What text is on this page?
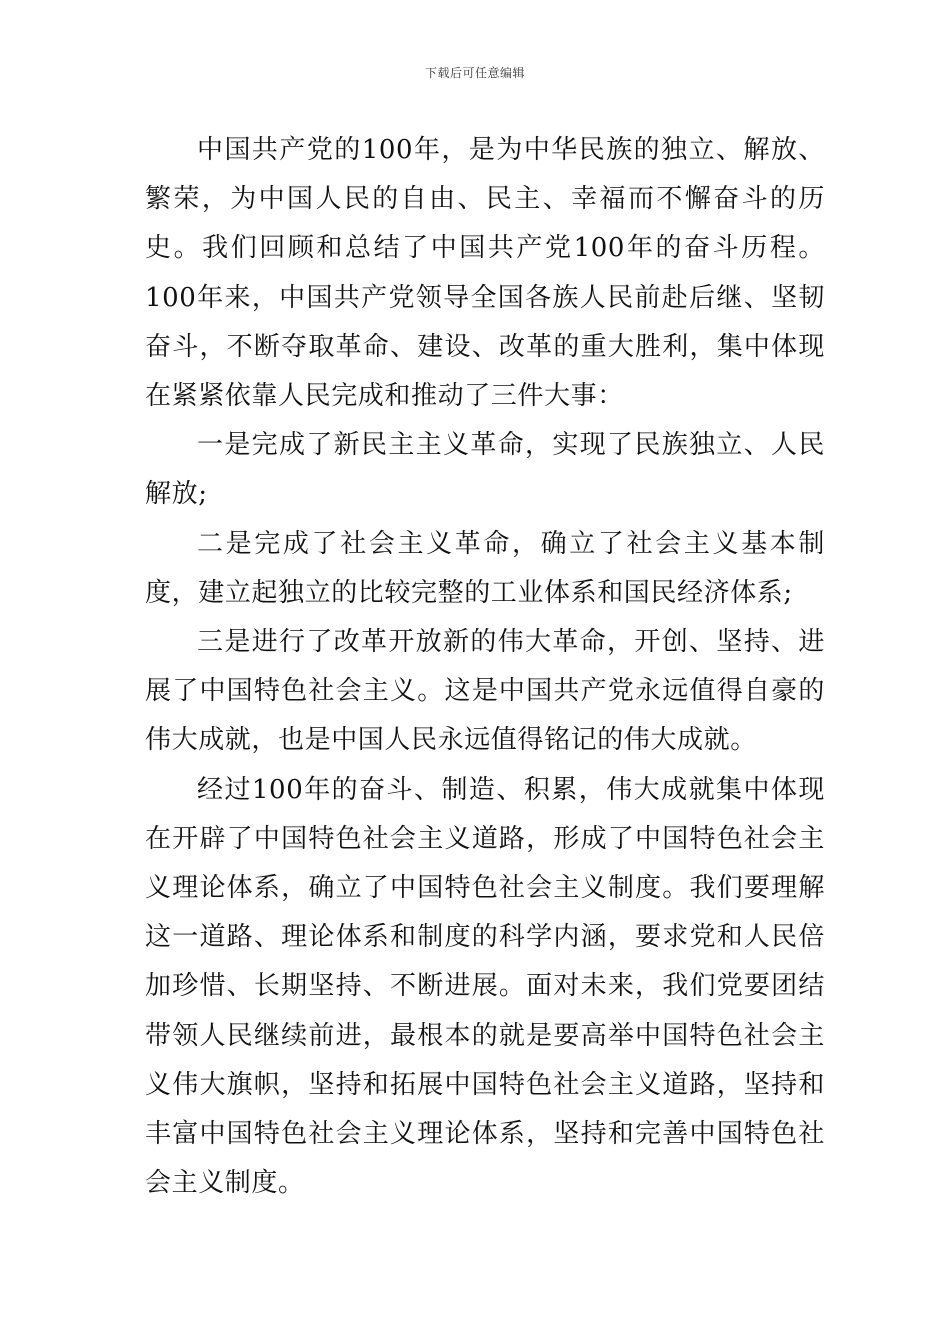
下载后可任意编辑

中国共产党的100年，是为中华民族的独立、解放、繁荣，为中国人民的自由、民主、幸福而不懈奋斗的历史。我们回顾和总结了中国共产党100年的奋斗历程。100年来，中国共产党领导全国各族人民前赴后继、坚韧奋斗，不断夺取革命、建设、改革的重大胜利，集中体现在紧紧依靠人民完成和推动了三件大事：

一是完成了新民主主义革命，实现了民族独立、人民解放;

二是完成了社会主义革命，确立了社会主义基本制度，建立起独立的比较完整的工业体系和国民经济体系;

三是进行了改革开放新的伟大革命，开创、坚持、进展了中国特色社会主义。这是中国共产党永远值得自豪的伟大成就，也是中国人民永远值得铭记的伟大成就。

经过100年的奋斗、制造、积累，伟大成就集中体现在开辟了中国特色社会主义道路，形成了中国特色社会主义理论体系，确立了中国特色社会主义制度。我们要理解这一道路、理论体系和制度的科学内涵，要求党和人民倍加珍惜、长期坚持、不断进展。面对未来，我们党要团结带领人民继续前进，最根本的就是要高举中国特色社会主义伟大旗帜，坚持和拓展中国特色社会主义道路，坚持和丰富中国特色社会主义理论体系，坚持和完善中国特色社会主义制度。
